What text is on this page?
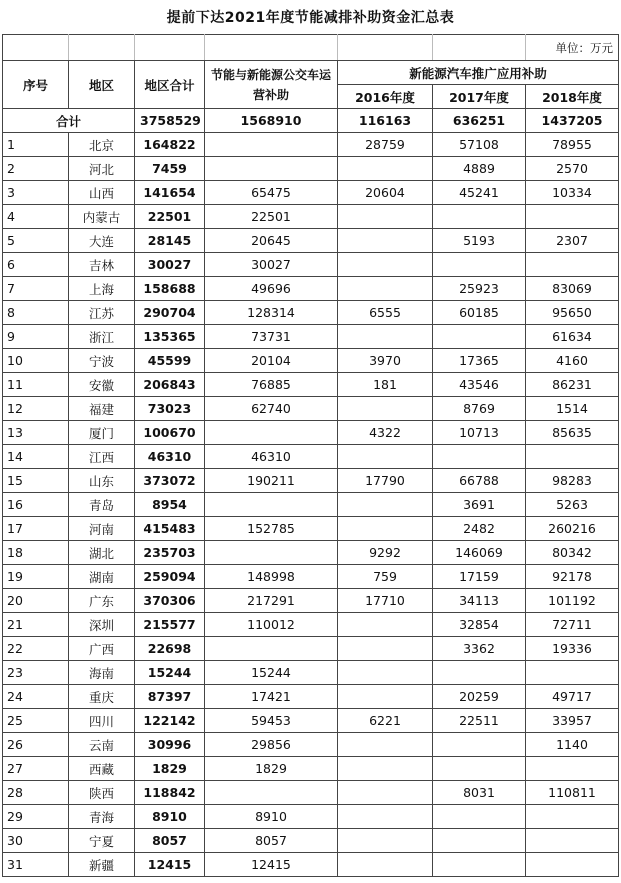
提前下达2021年度节能减排补助资金汇总表
						单位：万元
序号	地区	地区合计	节能与新能源公交车运营补助	新能源汽车推广应用补助		
				2016年度	2017年度	2018年度
合计		3758529	1568910	116163	636251	1437205
1	北京	164822		28759	57108	78955
2	河北	7459			4889	2570
3	山西	141654	65475	20604	45241	10334
4	内蒙古	22501	22501			
5	大连	28145	20645		5193	2307
6	吉林	30027	30027			
7	上海	158688	49696		25923	83069
8	江苏	290704	128314	6555	60185	95650
9	浙江	135365	73731			61634
10	宁波	45599	20104	3970	17365	4160
11	安徽	206843	76885	181	43546	86231
12	福建	73023	62740		8769	1514
13	厦门	100670		4322	10713	85635
14	江西	46310	46310			
15	山东	373072	190211	17790	66788	98283
16	青岛	8954			3691	5263
17	河南	415483	152785		2482	260216
18	湖北	235703		9292	146069	80342
19	湖南	259094	148998	759	17159	92178
20	广东	370306	217291	17710	34113	101192
21	深圳	215577	110012		32854	72711
22	广西	22698			3362	19336
23	海南	15244	15244			
24	重庆	87397	17421		20259	49717
25	四川	122142	59453	6221	22511	33957
26	云南	30996	29856			1140
27	西藏	1829	1829			
28	陕西	118842			8031	110811
29	青海	8910	8910			
30	宁夏	8057	8057			
31	新疆	12415	12415			
